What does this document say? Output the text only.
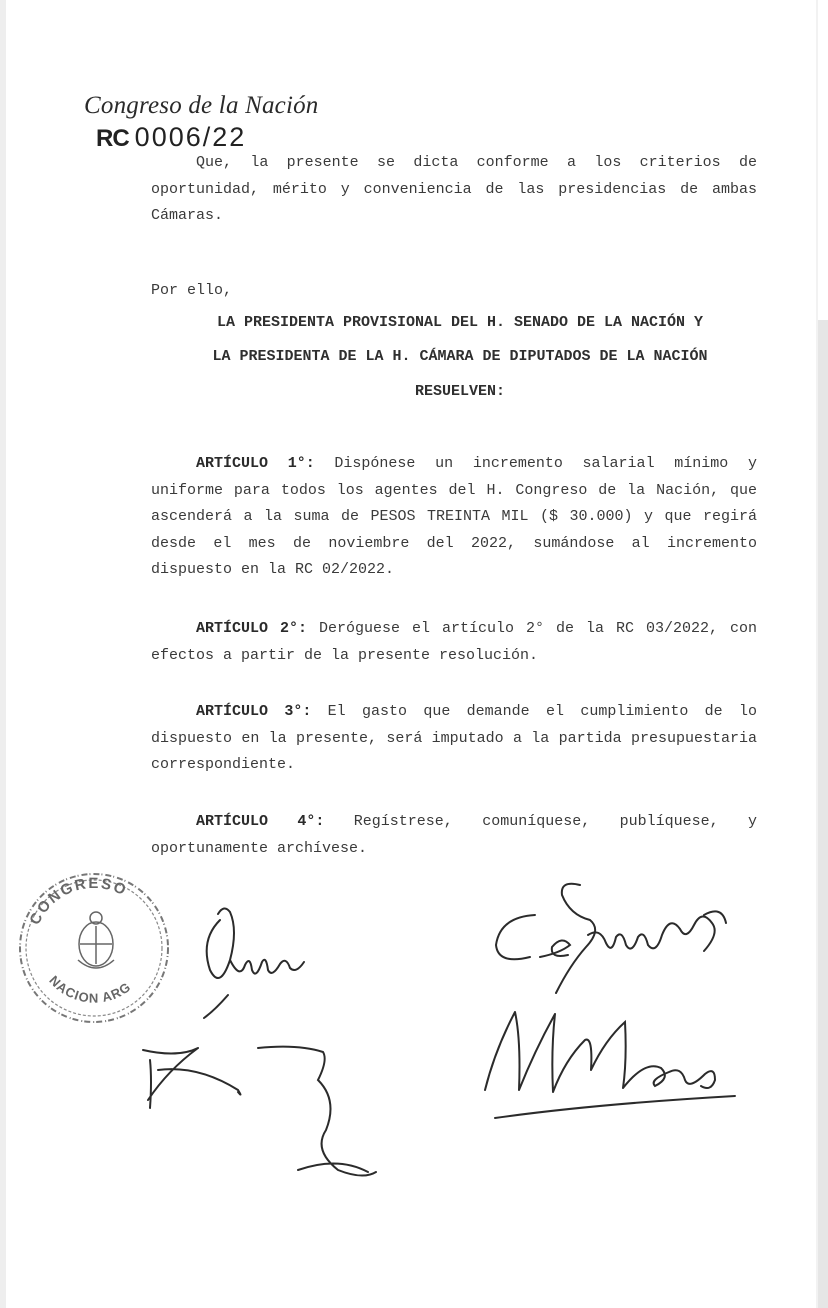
Congreso de la Nación
RC 0006/22

Que, la presente se dicta conforme a los criterios de oportunidad, mérito y conveniencia de las presidencias de ambas Cámaras.

Por ello,

LA PRESIDENTA PROVISIONAL DEL H. SENADO DE LA NACIÓN Y

LA PRESIDENTA DE LA H. CÁMARA DE DIPUTADOS DE LA NACIÓN

RESUELVEN:

ARTÍCULO 1°: Dispónese un incremento salarial mínimo y uniforme para todos los agentes del H. Congreso de la Nación, que ascenderá a la suma de PESOS TREINTA MIL ($ 30.000) y que regirá desde el mes de noviembre del 2022, sumándose al incremento dispuesto en la RC 02/2022.

ARTÍCULO 2°: Deróguese el artículo 2° de la RC 03/2022, con efectos a partir de la presente resolución.

ARTÍCULO 3°: El gasto que demande el cumplimiento de lo dispuesto en la presente, será imputado a la partida presupuestaria correspondiente.

ARTÍCULO 4°: Regístrese, comuníquese, publíquese, y oportunamente archívese.

CONGRESO
NACION ARG
